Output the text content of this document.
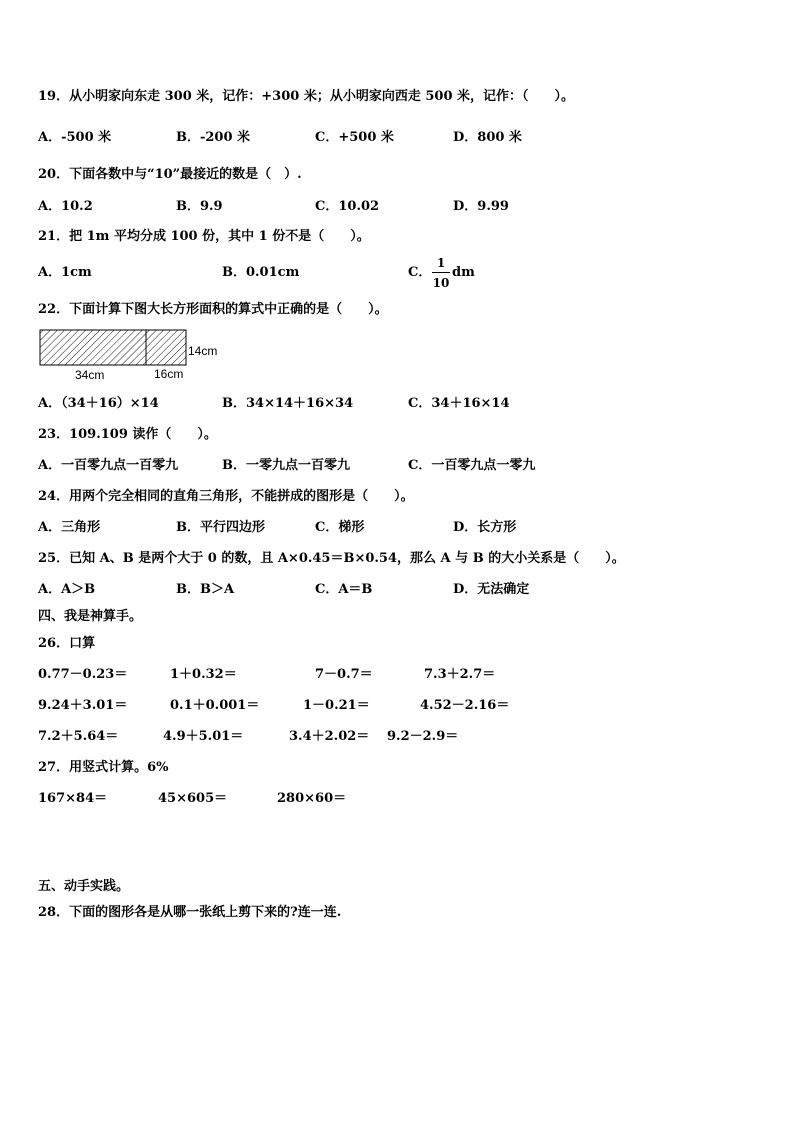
19．从小明家向东走 300 米，记作：+300 米；从小明家向西走 500 米，记作：（　　）。
A．-500 米	B．-200 米	C．+500 米	D．800 米
20．下面各数中与“10”最接近的数是（　）.
A．10.2	B．9.9	C．10.02	D．9.99
21．把 1m 平均分成 100 份，其中 1 份不是（　　）。
A．1cm	B．0.01cm	C．
1
10
dm
22．下面计算下图大长方形面积的算式中正确的是（　　）。
14cm
34cm	16cm
A．（34＋16）×14	B．34×14＋16×34	C．34＋16×14
23．109.109 读作（　　）。
A．一百零九点一百零九	B．一零九点一百零九	C．一百零九点一零九
24．用两个完全相同的直角三角形，不能拼成的图形是（　　）。
A．三角形	B．平行四边形	C．梯形	D．长方形
25．已知 A、B 是两个大于 0 的数，且 A×0.45＝B×0.54，那么 A 与 B 的大小关系是（　　）。
A．A＞B	B．B＞A	C．A＝B	D．无法确定
四、我是神算手。
26．口算
0.77－0.23＝	1＋0.32＝	7－0.7＝	7.3＋2.7＝
9.24＋3.01＝	0.1＋0.001＝	1－0.21＝	4.52－2.16＝
7.2＋5.64＝	4.9＋5.01＝	3.4＋2.02＝ 9.2－2.9＝
27．用竖式计算。6%
167×84＝	45×605＝	280×60＝
五、动手实践。
28．下面的图形各是从哪一张纸上剪下来的?连一连.
